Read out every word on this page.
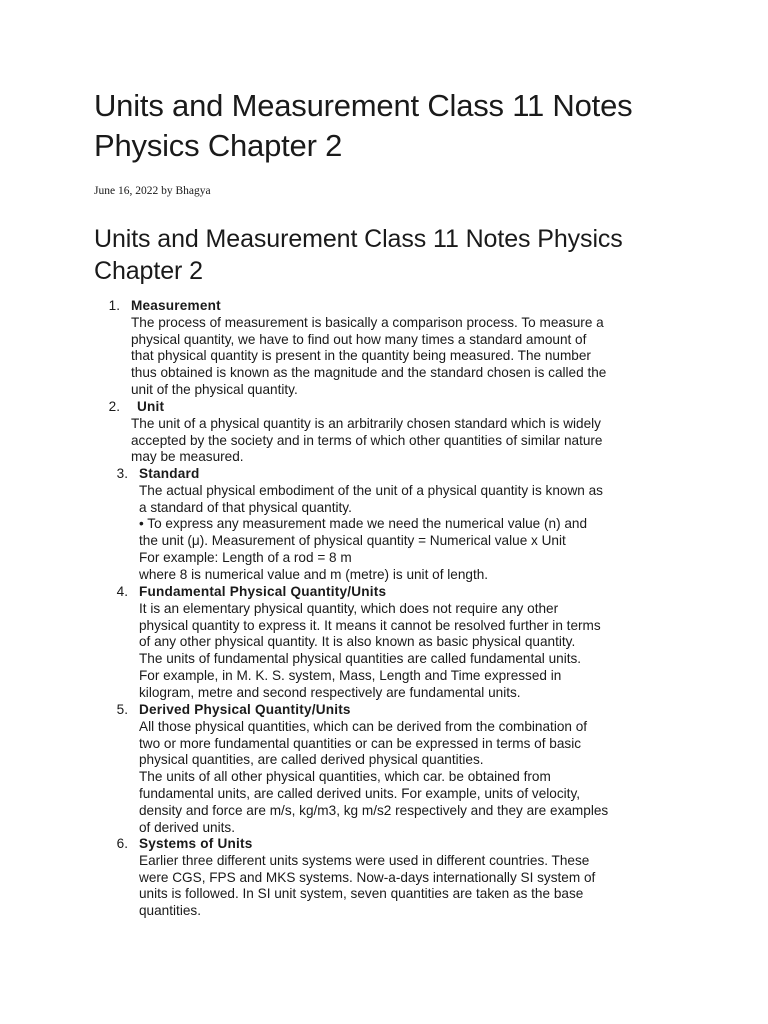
Units and Measurement Class 11 Notes Physics Chapter 2
June 16, 2022 by Bhagya
Units and Measurement Class 11 Notes Physics Chapter 2
1. Measurement
The process of measurement is basically a comparison process. To measure a
physical quantity, we have to find out how many times a standard amount of
that physical quantity is present in the quantity being measured. The number
thus obtained is known as the magnitude and the standard chosen is called the
unit of the physical quantity.
2.	Unit
The unit of a physical quantity is an arbitrarily chosen standard which is widely
accepted by the society and in terms of which other quantities of similar nature
may be measured.
3. Standard
The actual physical embodiment of the unit of a physical quantity is known as
a standard of that physical quantity.
• To express any measurement made we need the numerical value (n) and
the unit (μ). Measurement of physical quantity = Numerical value x Unit
For example: Length of a rod = 8 m
where 8 is numerical value and m (metre) is unit of length.
4. Fundamental Physical Quantity/Units
It is an elementary physical quantity, which does not require any other
physical quantity to express it. It means it cannot be resolved further in terms
of any other physical quantity. It is also known as basic physical quantity.
The units of fundamental physical quantities are called fundamental units.
For example, in M. K. S. system, Mass, Length and Time expressed in
kilogram, metre and second respectively are fundamental units.
5. Derived Physical Quantity/Units
All those physical quantities, which can be derived from the combination of
two or more fundamental quantities or can be expressed in terms of basic
physical quantities, are called derived physical quantities.
The units of all other physical quantities, which car. be obtained from
fundamental units, are called derived units. For example, units of velocity,
density and force are m/s, kg/m3, kg m/s2 respectively and they are examples
of derived units.
6. Systems of Units
Earlier three different units systems were used in different countries. These
were CGS, FPS and MKS systems. Now-a-days internationally SI system of
units is followed. In SI unit system, seven quantities are taken as the base
quantities.
